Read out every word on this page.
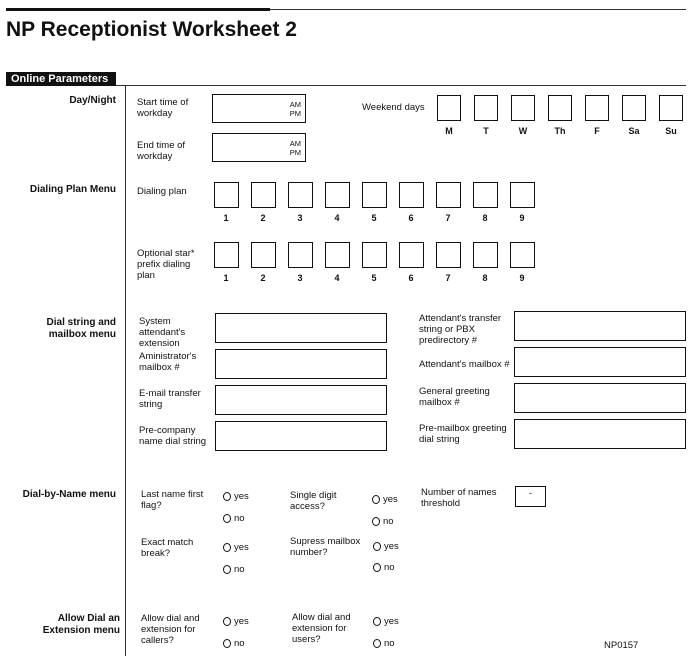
NP Receptionist Worksheet 2
Online Parameters
Day/Night Start time of workday
AM
PM
End time of workday
AM
PM
Weekend days
M	T	W	Th	F	Sa	Su
Dialing Plan Menu Dialing plan
1	2	3	4	5	6	7	8	9
Optional star* prefix dialing plan	1	2	3	4	5	6	7	8	9
Dial string and mailbox menu
System attendant's extension
Aministrator's mailbox #
E-mail transfer string
Pre-company name dial string
Attendant's transfer string or PBX predirectory #
Attendant's mailbox #
General greeting mailbox #
Pre-mailbox greeting dial string
Dial-by-Name menu	Last name first flag?
yes
no
Single digit access?
yes
no
Number of names threshold
-
Exact match break?
yes
no
Supress mailbox number?
yes
no
Allow Dial an Extension menu
Allow dial and extension for callers?
yes
no
Allow dial and extension for users?
yes
no	NP0157
